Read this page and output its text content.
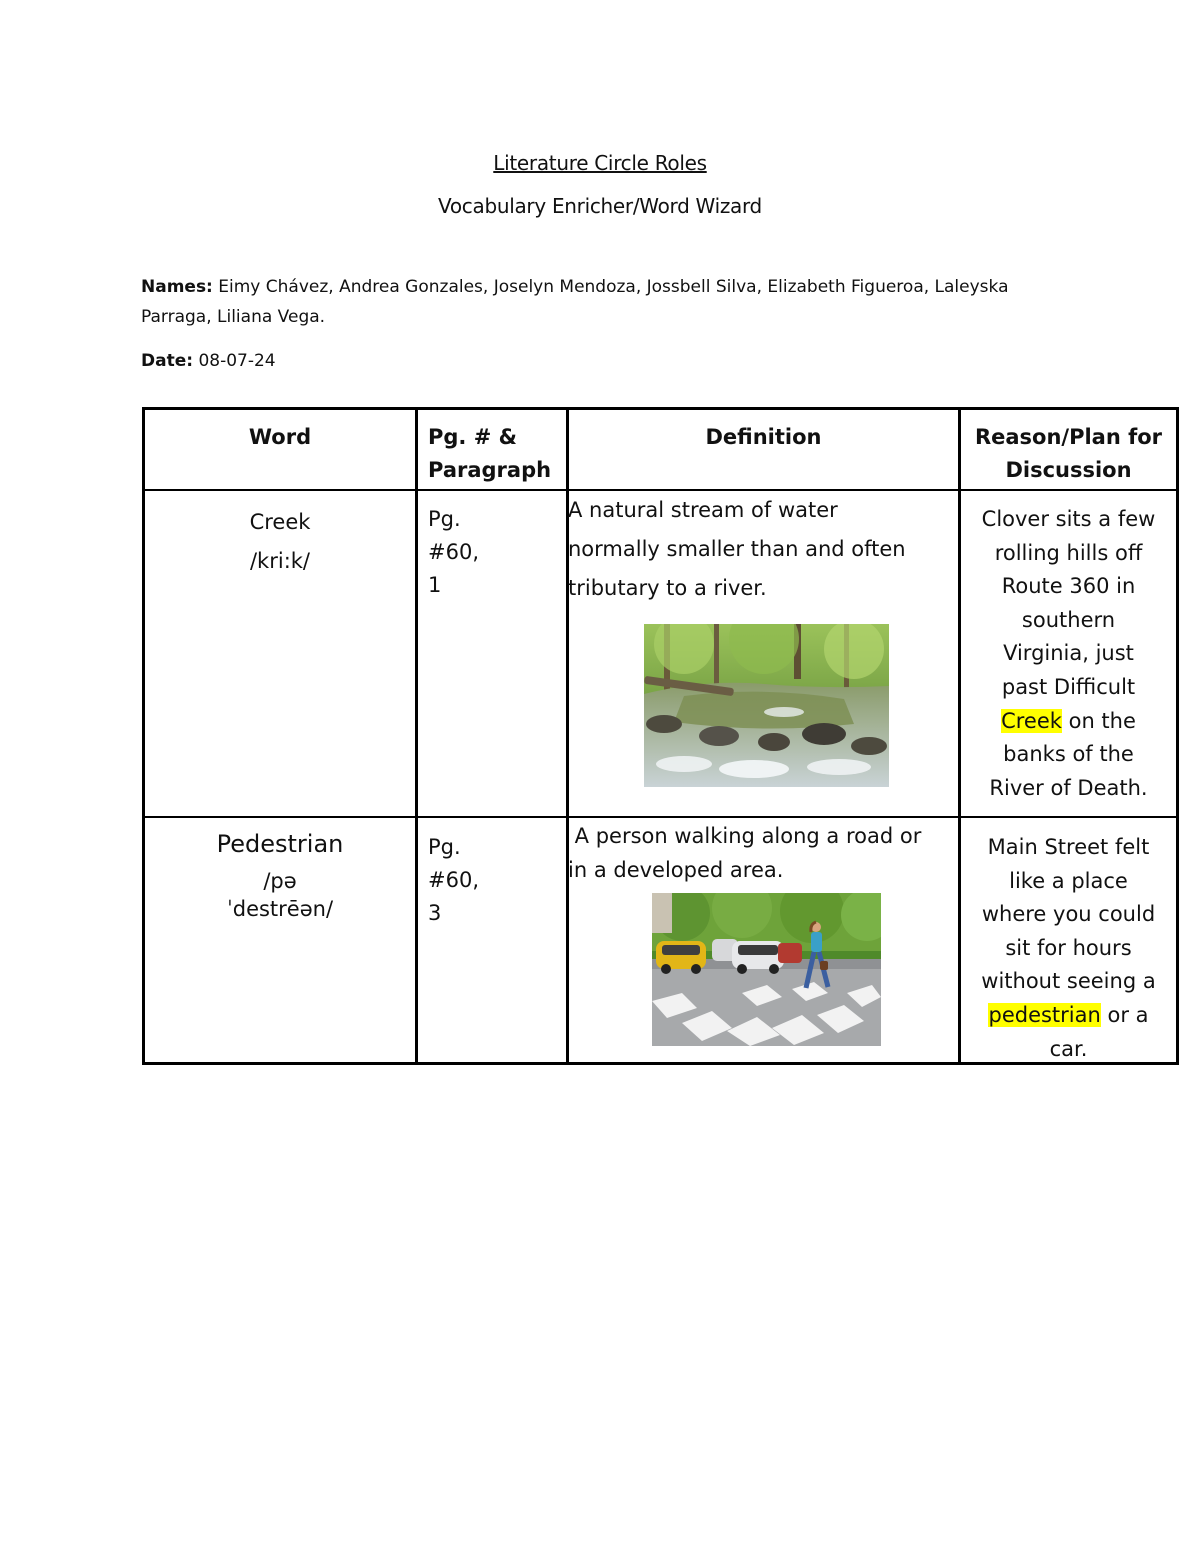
Literature Circle Roles
Vocabulary Enricher/Word Wizard
Names: Eimy Chávez, Andrea Gonzales, Joselyn Mendoza, Jossbell Silva, Elizabeth Figueroa, Laleyska
Parraga, Liliana Vega.
Date: 08-07-24
Word	Pg. # &
Paragraph
Definition	Reason/Plan for
Discussion
Creek
/kri:k/
Pg. #60, 1
A natural stream of water
normally smaller than and often
tributary to a river.
Clover sits a few
rolling hills off
Route 360 in
southern
Virginia, just
past Difficult
Creek on the
banks of the
River of Death.
Pedestrian
/pə
ˈdestrēən/
Pg. #60, 3
A person walking along a road or
in a developed area.
Main Street felt
like a place
where you could
sit for hours
without seeing a
pedestrian or a
car.
